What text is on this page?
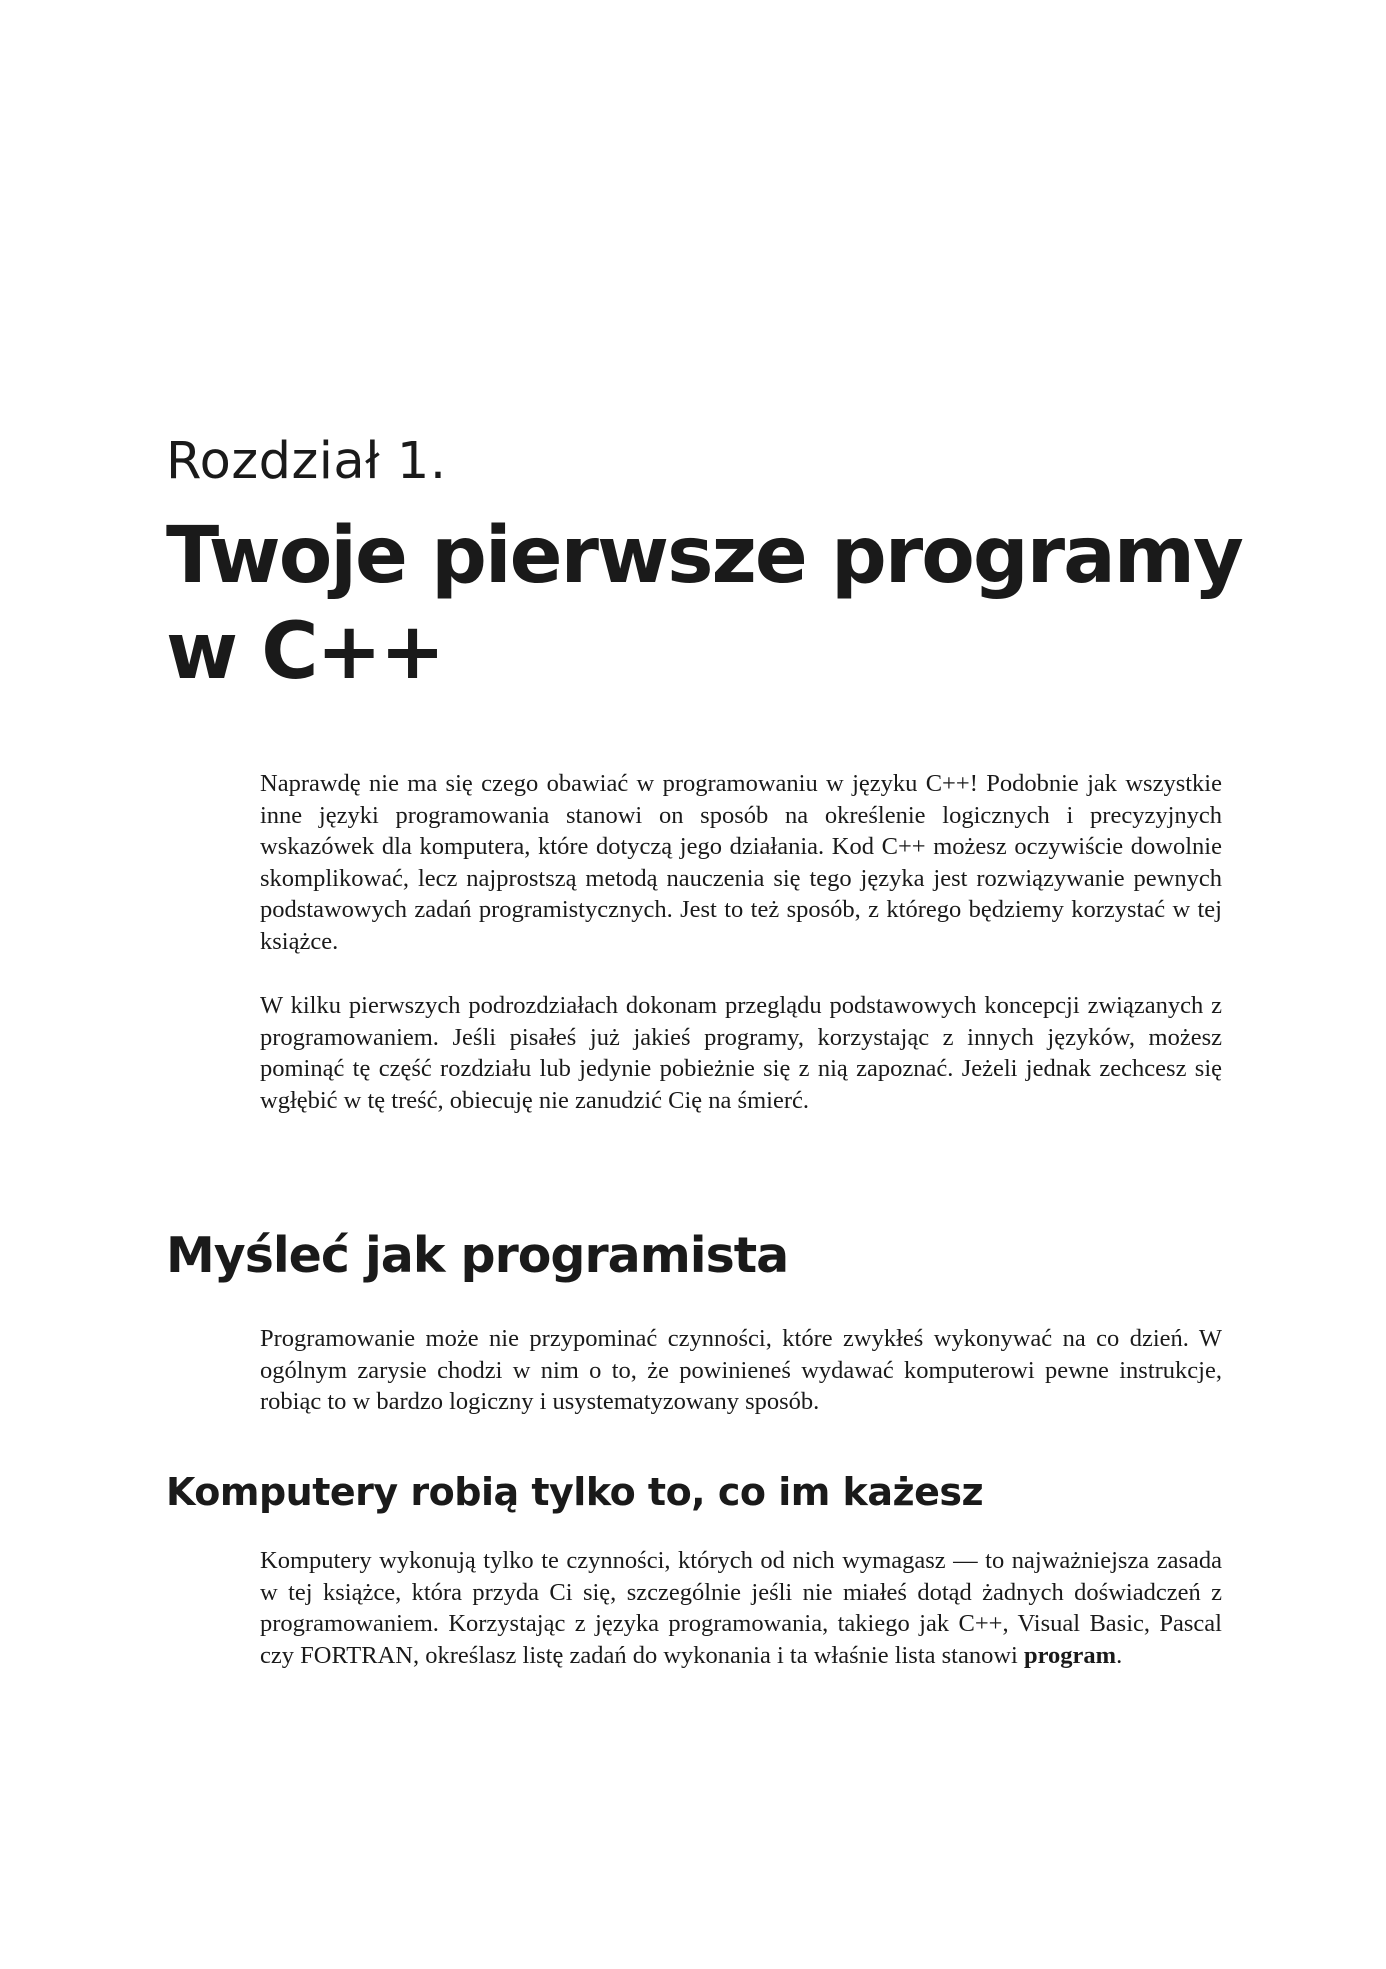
Rozdział 1.
Twoje pierwsze programy
w C++

Naprawdę nie ma się czego obawiać w programowaniu w języku C++! Podobnie jak wszystkie inne języki programowania stanowi on sposób na określenie logicznych i precyzyjnych wskazówek dla komputera, które dotyczą jego działania. Kod C++ możesz oczywiście dowolnie skomplikować, lecz najprostszą metodą nauczenia się tego języka jest rozwiązywanie pewnych podstawowych zadań programistycznych. Jest to też sposób, z którego będziemy korzystać w tej książce.

W kilku pierwszych podrozdziałach dokonam przeglądu podstawowych koncepcji związanych z programowaniem. Jeśli pisałeś już jakieś programy, korzystając z innych języków, możesz pominąć tę część rozdziału lub jedynie pobieżnie się z nią zapoznać. Jeżeli jednak zechcesz się wgłębić w tę treść, obiecuję nie zanudzić Cię na śmierć.

Myśleć jak programista

Programowanie może nie przypominać czynności, które zwykłeś wykonywać na co dzień. W ogólnym zarysie chodzi w nim o to, że powinieneś wydawać komputerowi pewne instrukcje, robiąc to w bardzo logiczny i usystematyzowany sposób.

Komputery robią tylko to, co im każesz

Komputery wykonują tylko te czynności, których od nich wymagasz — to najważniejsza zasada w tej książce, która przyda Ci się, szczególnie jeśli nie miałeś dotąd żadnych doświadczeń z programowaniem. Korzystając z języka programowania, takiego jak C++, Visual Basic, Pascal czy FORTRAN, określasz listę zadań do wykonania i ta właśnie lista stanowi program.
